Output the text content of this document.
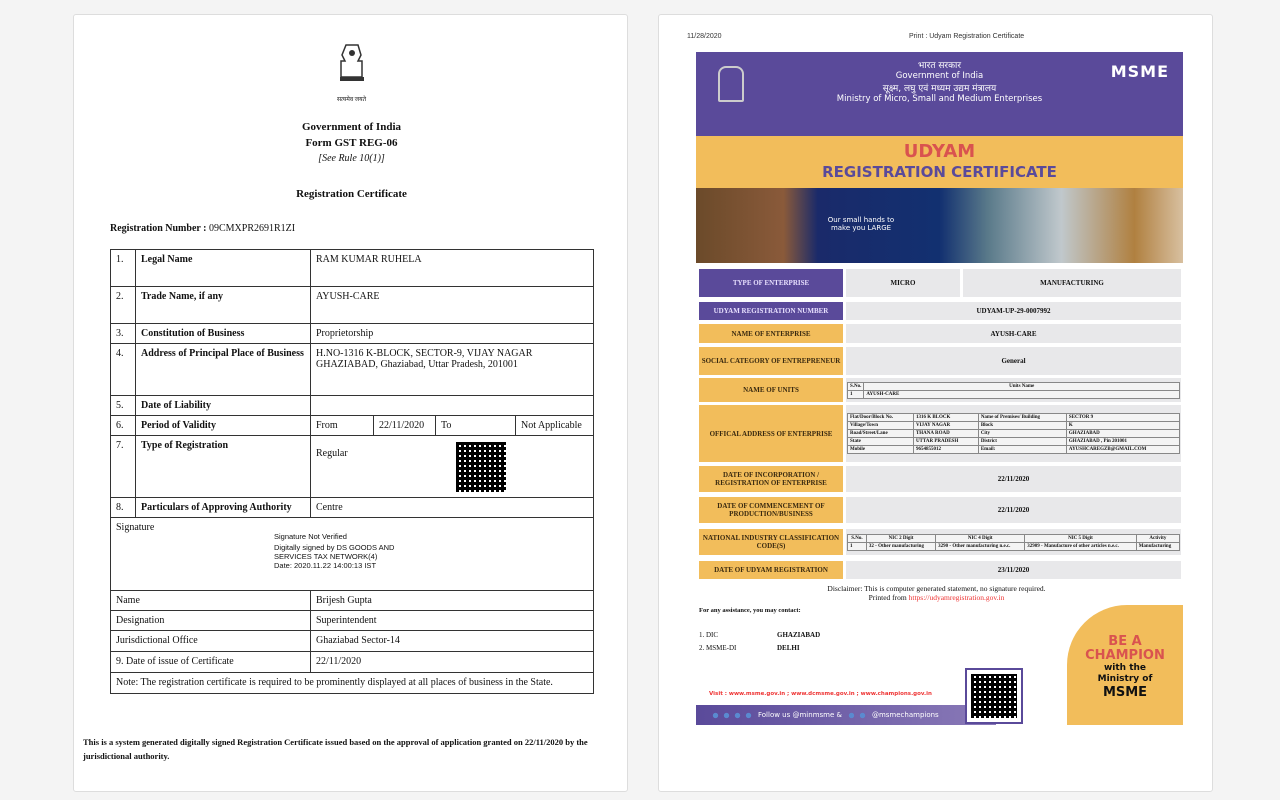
सत्यमेव जयते
Government of India
Form GST REG-06
[See Rule 10(1)]
Registration Certificate
Registration Number : 09CMXPR2691R1ZI
1.	Legal Name	RAM KUMAR RUHELA			
2.	Trade Name, if any	AYUSH-CARE			
3.	Constitution of Business	Proprietorship			
4.	Address of Principal Place of Business	H.NO-1316 K-BLOCK, SECTOR-9, VIJAY NAGAR GHAZIABAD, Ghaziabad, Uttar Pradesh, 201001			
5.	Date of Liability				
6.	Period of Validity	From	22/11/2020	To	Not Applicable
7.	Type of Registration	Regular			

8.	Particulars of Approving Authority	Centre			
Signature
Signature Not Verified
Digitally signed by DS GOODS AND
SERVICES TAX NETWORK(4)
Date: 2020.11.22 14:00:13 IST					

Name		Brijesh Gupta			
Designation		Superintendent			
Jurisdictional Office		Ghaziabad Sector-14			
9. Date of issue of Certificate		22/11/2020			
Note: The registration certificate is required to be prominently displayed at all places of business in the State.					
This is a system generated digitally signed Registration Certificate issued based on the approval of application granted on 22/11/2020 by the jurisdictional authority.
11/28/2020	Print : Udyam Registration Certificate
भारत सरकार
Government of India
सूक्ष्म, लघु एवं मध्यम उद्यम मंत्रालय
Ministry of Micro, Small and Medium Enterprises
MSME
UDYAM
REGISTRATION CERTIFICATE
Our small hands to make you LARGE
TYPE OF ENTERPRISE	MICRO	MANUFACTURING
UDYAM REGISTRATION NUMBER	UDYAM-UP-29-0007992
NAME OF ENTERPRISE	AYUSH-CARE
SOCIAL CATEGORY OF ENTREPRENEUR	General
NAME OF UNITS	S.No.	Units Name
1	AYUSH-CARE
OFFICAL ADDRESS OF ENTERPRISE
Flat/Door/Block No.	1316 K BLOCK	Name of Premises/ Building	SECTOR 9
Village/Town	VIJAY NAGAR	Block	K
Road/Street/Lane	THANA ROAD	City	GHAZIABAD
State	UTTAR PRADESH	District	GHAZIABAD , Pin 201001
Mobile	9654855012	Email:	AYUSHCAREGZB@GMAIL.COM
DATE OF INCORPORATION / REGISTRATION OF ENTERPRISE	22/11/2020
DATE OF COMMENCEMENT OF PRODUCTION/BUSINESS	22/11/2020
NATIONAL INDUSTRY CLASSIFICATION CODE(S)
S.No.	NIC 2 Digit	NIC 4 Digit	NIC 5 Digit	Activity
1	32 - Other manufacturing	3290 - Other manufacturing n.e.c.	32909 - Manufacture of other articles n.e.c.	Manufacturing
DATE OF UDYAM REGISTRATION	23/11/2020
Disclaimer: This is computer generated statement, no signature required.
Printed from https://udyamregistration.gov.in
For any assistance, you may contact:
1. DIC	GHAZIABAD
2. MSME-DI	DELHI	BE A
CHAMPION
with the
Ministry of
MSME
Visit : www.msme.gov.in ; www.dcmsme.gov.in ; www.champions.gov.in
Follow us @minmsme &	@msmechampions
